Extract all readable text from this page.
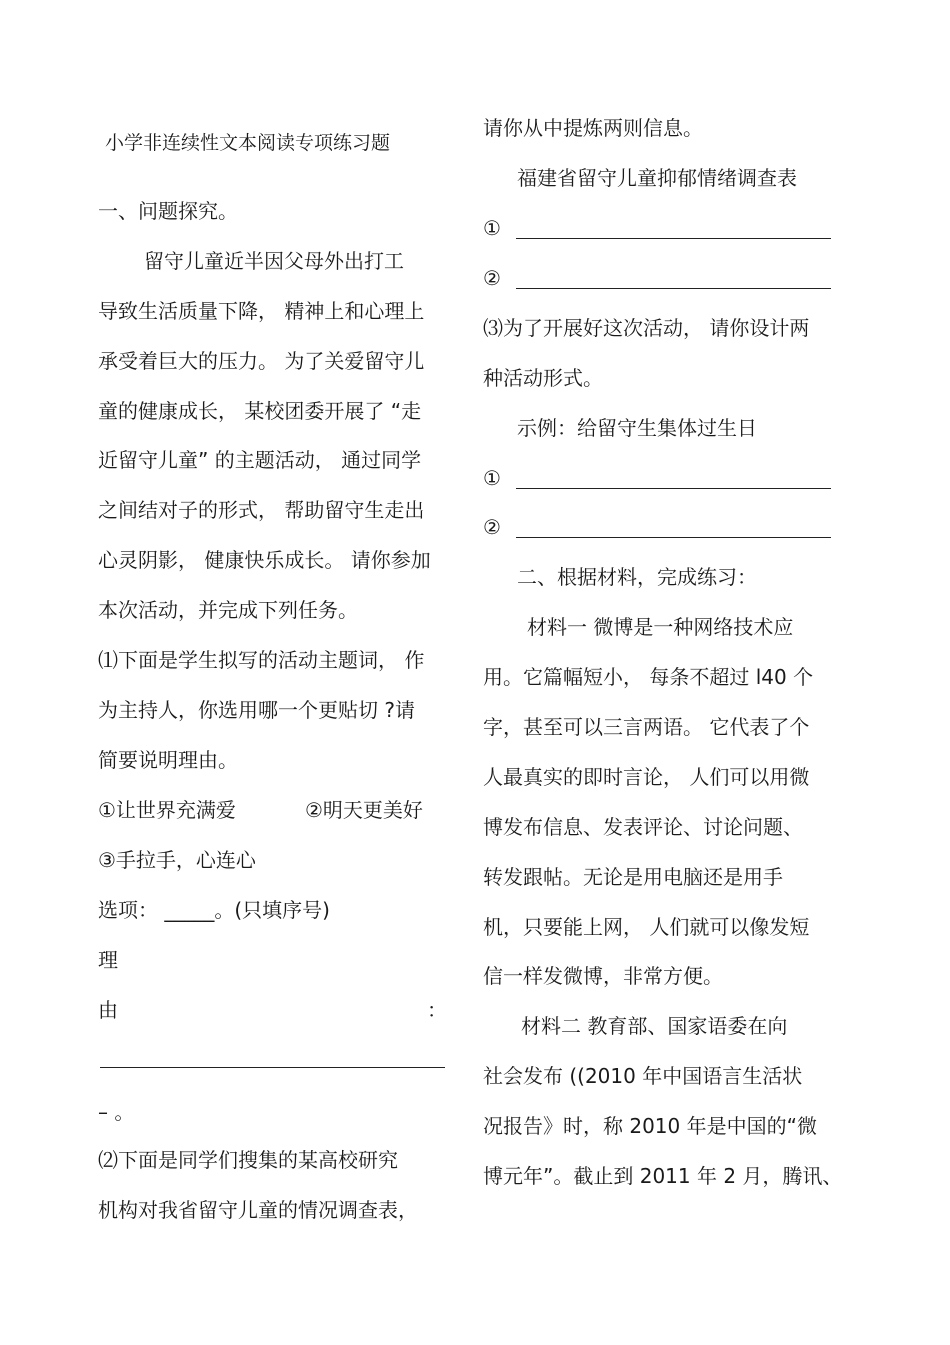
小学非连续性文本阅读专项练习题
一、问题探究。
留守儿童近半因父母外出打工
导致生活质量下降， 精神上和心理上
承受着巨大的压力。 为了关爱留守儿
童的健康成长， 某校团委开展了 “走
近留守儿童” 的主题活动， 通过同学
之间结对子的形式， 帮助留守生走出
心灵阴影， 健康快乐成长。 请你参加
本次活动，并完成下列任务。
⑴下面是学生拟写的活动主题词， 作
为主持人，你选用哪一个更贴切 ?请
简要说明理由。
①让世界充满爱	②明天更美好
③手拉手，心连心
选项： _____。(只填序号)
理
由	：
– 。
⑵下面是同学们搜集的某高校研究
机构对我省留守儿童的情况调查表，
请你从中提炼两则信息。
福建省留守儿童抑郁情绪调查表
①
②
⑶为了开展好这次活动， 请你设计两
种活动形式。
示例：给留守生集体过生日
①
②
二、根据材料，完成练习：
材料一 微博是一种网络技术应
用。它篇幅短小， 每条不超过 l40 个
字，甚至可以三言两语。 它代表了个
人最真实的即时言论， 人们可以用微
博发布信息、发表评论、讨论问题、
转发跟帖。无论是用电脑还是用手
机，只要能上网， 人们就可以像发短
信一样发微博，非常方便。
材料二 教育部、国家语委在向
社会发布 ((2010 年中国语言生活状
况报告》时，称 2010 年是中国的“微
博元年”。截止到 2011 年 2 月，腾讯、
